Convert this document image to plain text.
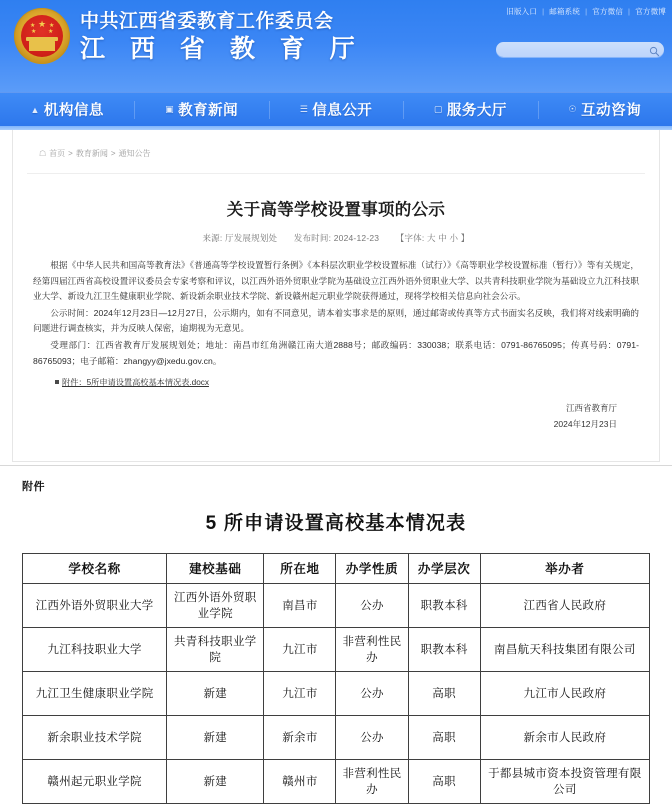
旧版入口 | 邮箱系统 | 官方微信 | 官方微博
★
★ ★
★ ★ 中共江西省委教育工作委员会
江 西 省 教 育 厅
▲ 机构信息	▣ 教育新闻	☰ 信息公开	▢ 服务大厅	☉ 互动咨询
☖ 首页 > 教育新闻 > 通知公告
关于高等学校设置事项的公示
来源: 厅发展规划处 发布时间: 2024-12-23 【字体: 大 中 小 】

根据《中华人民共和国高等教育法》《普通高等学校设置暂行条例》《本科层次职业学校设置标准（试行）》《高等职业学校设置标准（暂行）》等有关规定，经第四届江西省高校设置评议委员会专家考察和评议，以江西外语外贸职业学院为基础设立江西外语外贸职业大学、以共青科技职业学院为基础设立九江科技职业大学、新设九江卫生健康职业学院、新设新余职业技术学院、新设赣州起元职业学院获得通过，现将学校相关信息向社会公示。

公示时间：2024年12月23日—12月27日，公示期内，如有不同意见，请本着实事求是的原则，通过邮寄或传真等方式书面实名反映，我们将对线索明确的问题进行调查核实，并为反映人保密，逾期视为无意见。

受理部门：江西省教育厅发展规划处；地址：南昌市红角洲赣江南大道2888号；邮政编码：330038；联系电话：0791-86765095；传真号码：0791-86765093；电子邮箱：zhangyy@jxedu.gov.cn。

附件：5所申请设置高校基本情况表.docx
江西省教育厅
2024年12月23日
附件
5 所申请设置高校基本情况表
学校名称	建校基础	所在地	办学性质	办学层次	举办者
江西外语外贸职业大学	江西外语外贸职业学院	南昌市	公办	职教本科	江西省人民政府
九江科技职业大学	共青科技职业学院	九江市	非营利性民办	职教本科	南昌航天科技集团有限公司
九江卫生健康职业学院	新建	九江市	公办	高职	九江市人民政府
新余职业技术学院	新建	新余市	公办	高职	新余市人民政府
赣州起元职业学院	新建	赣州市	非营利性民办	高职	于都县城市资本投资管理有限公司
